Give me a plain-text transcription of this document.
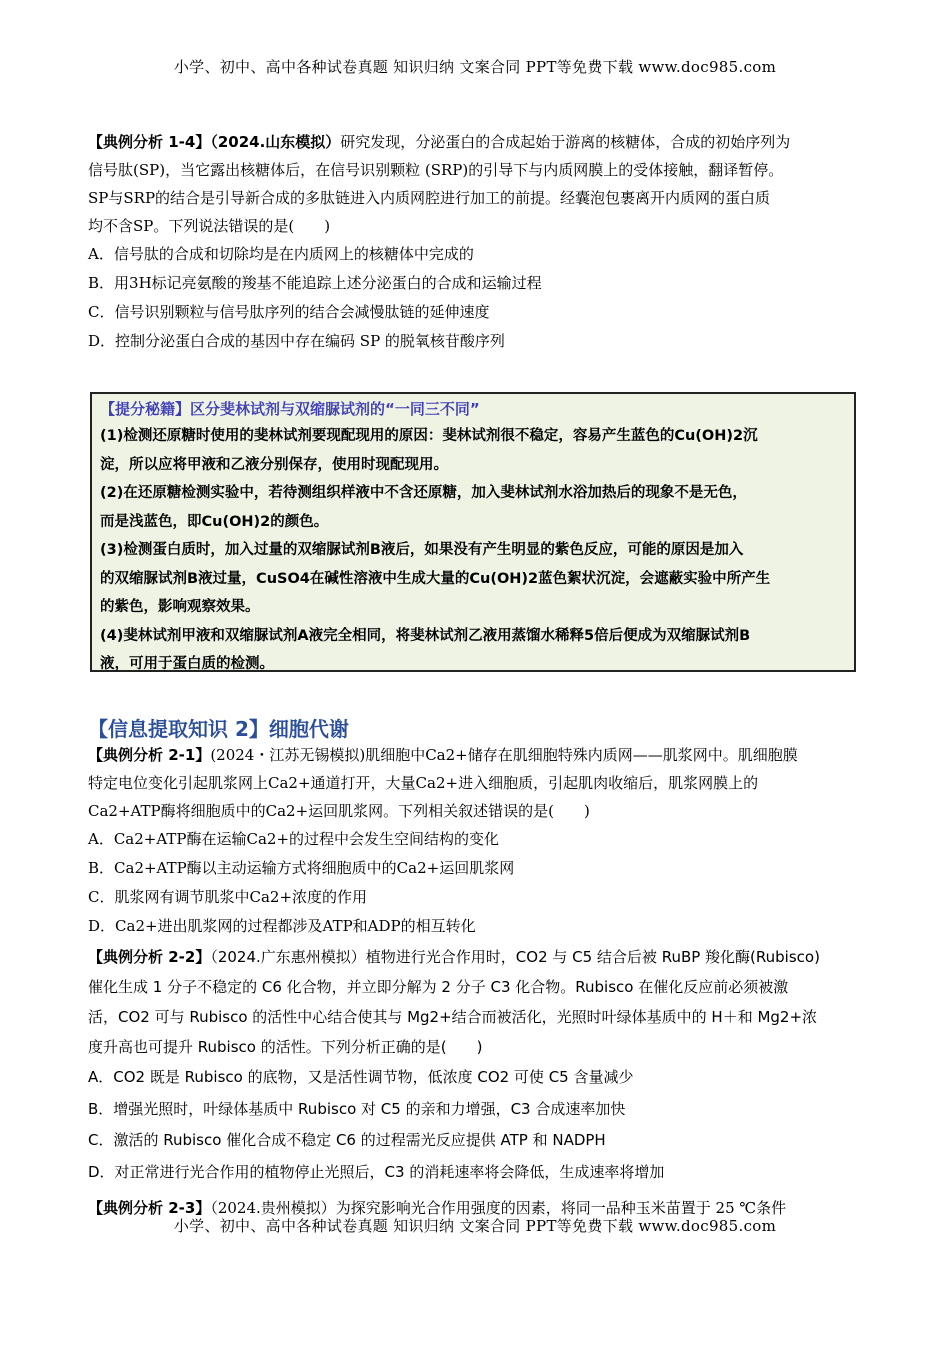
小学、初中、高中各种试卷真题 知识归纳 文案合同 PPT等免费下载 www.doc985.com

【典例分析 1-4】（2024.山东模拟）研究发现，分泌蛋白的合成起始于游离的核糖体，合成的初始序列为

信号肽(SP)，当它露出核糖体后，在信号识别颗粒 (SRP)的引导下与内质网膜上的受体接触，翻译暂停。

SP与SRP的结合是引导新合成的多肽链进入内质网腔进行加工的前提。经囊泡包裹离开内质网的蛋白质

均不含SP。下列说法错误的是(　　)

A．信号肽的合成和切除均是在内质网上的核糖体中完成的

B．用3H标记亮氨酸的羧基不能追踪上述分泌蛋白的合成和运输过程

C．信号识别颗粒与信号肽序列的结合会减慢肽链的延伸速度

D．控制分泌蛋白合成的基因中存在编码 SP 的脱氧核苷酸序列

【提分秘籍】区分斐林试剂与双缩脲试剂的“一同三不同”

(1)检测还原糖时使用的斐林试剂要现配现用的原因：斐林试剂很不稳定，容易产生蓝色的Cu(OH)2沉

淀，所以应将甲液和乙液分别保存，使用时现配现用。

(2)在还原糖检测实验中，若待测组织样液中不含还原糖，加入斐林试剂水浴加热后的现象不是无色，

而是浅蓝色，即Cu(OH)2的颜色。

(3)检测蛋白质时，加入过量的双缩脲试剂B液后，如果没有产生明显的紫色反应，可能的原因是加入

的双缩脲试剂B液过量，CuSO4在碱性溶液中生成大量的Cu(OH)2蓝色絮状沉淀，会遮蔽实验中所产生

的紫色，影响观察效果。

(4)斐林试剂甲液和双缩脲试剂A液完全相同，将斐林试剂乙液用蒸馏水稀释5倍后便成为双缩脲试剂B

液，可用于蛋白质的检测。

【信息提取知识 2】细胞代谢

【典例分析 2-1】(2024・江苏无锡模拟)肌细胞中Ca2+储存在肌细胞特殊内质网——肌浆网中。肌细胞膜

特定电位变化引起肌浆网上Ca2+通道打开，大量Ca2+进入细胞质，引起肌肉收缩后，肌浆网膜上的

Ca2+ATP酶将细胞质中的Ca2+运回肌浆网。下列相关叙述错误的是(　　)

A．Ca2+ATP酶在运输Ca2+的过程中会发生空间结构的变化

B．Ca2+ATP酶以主动运输方式将细胞质中的Ca2+运回肌浆网

C．肌浆网有调节肌浆中Ca2+浓度的作用

D．Ca2+进出肌浆网的过程都涉及ATP和ADP的相互转化

【典例分析 2-2】（2024.广东惠州模拟）植物进行光合作用时，CO2 与 C5 结合后被 RuBP 羧化酶(Rubisco)

催化生成 1 分子不稳定的 C6 化合物，并立即分解为 2 分子 C3 化合物。Rubisco 在催化反应前必须被激

活，CO2 可与 Rubisco 的活性中心结合使其与 Mg2+结合而被活化，光照时叶绿体基质中的 H＋和 Mg2+浓

度升高也可提升 Rubisco 的活性。下列分析正确的是(　　)

A．CO2 既是 Rubisco 的底物，又是活性调节物，低浓度 CO2 可使 C5 含量减少

B．增强光照时，叶绿体基质中 Rubisco 对 C5 的亲和力增强，C3 合成速率加快

C．激活的 Rubisco 催化合成不稳定 C6 的过程需光反应提供 ATP 和 NADPH

D．对正常进行光合作用的植物停止光照后，C3 的消耗速率将会降低，生成速率将增加

【典例分析 2-3】（2024.贵州模拟）为探究影响光合作用强度的因素，将同一品种玉米苗置于 25 ℃条件

小学、初中、高中各种试卷真题 知识归纳 文案合同 PPT等免费下载 www.doc985.com
